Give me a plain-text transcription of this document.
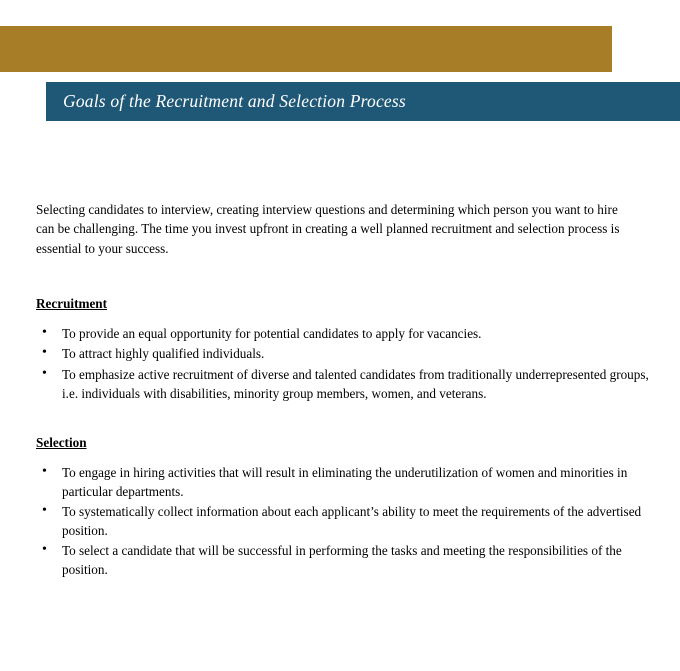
Goals of the Recruitment and Selection Process

Selecting candidates to interview, creating interview questions and determining which person you want to hire can be challenging. The time you invest upfront in creating a well planned recruitment and selection process is essential to your success.

Recruitment
• To provide an equal opportunity for potential candidates to apply for vacancies.
• To attract highly qualified individuals.
• To emphasize active recruitment of diverse and talented candidates from traditionally underrepresented groups, i.e. individuals with disabilities, minority group members, women, and veterans.
Selection
• To engage in hiring activities that will result in eliminating the underutilization of women and minorities in particular departments.
• To systematically collect information about each applicant’s ability to meet the requirements of the advertised position.
• To select a candidate that will be successful in performing the tasks and meeting the responsibilities of the position.
